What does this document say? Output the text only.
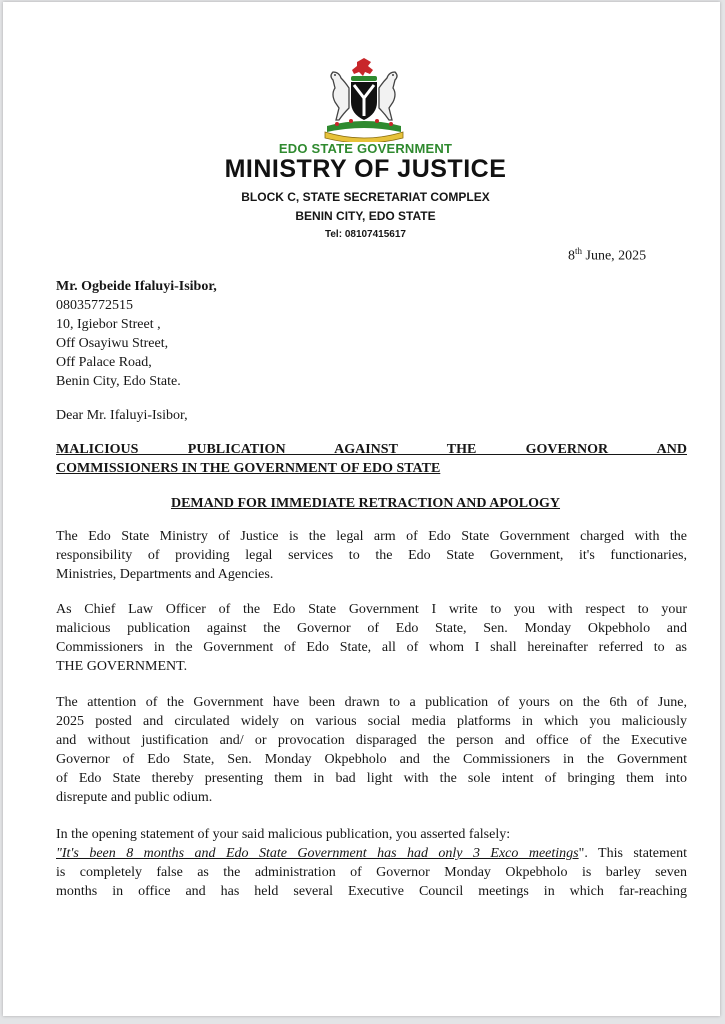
EDO STATE GOVERNMENT
MINISTRY OF JUSTICE
BLOCK C, STATE SECRETARIAT COMPLEX
BENIN CITY, EDO STATE
Tel: 08107415617
8th June, 2025
Mr. Ogbeide Ifaluyi-Isibor,
08035772515
10, Igiebor Street ,
Off Osayiwu Street,
Off Palace Road,
Benin City, Edo State.
Dear Mr. Ifaluyi-Isibor,
MALICIOUS PUBLICATION AGAINST THE GOVERNOR AND
COMMISSIONERS IN THE GOVERNMENT OF EDO STATE
DEMAND FOR IMMEDIATE RETRACTION AND APOLOGY
The Edo State Ministry of Justice is the legal arm of Edo State Government charged with the
responsibility of providing legal services to the Edo State Government, it's functionaries,
Ministries, Departments and Agencies.
As Chief Law Officer of the Edo State Government I write to you with respect to your
malicious publication against the Governor of Edo State, Sen. Monday Okpebholo and
Commissioners in the Government of Edo State, all of whom I shall hereinafter referred to as
THE GOVERNMENT.
The attention of the Government have been drawn to a publication of yours on the 6th of June,
2025 posted and circulated widely on various social media platforms in which you maliciously
and without justification and/ or provocation disparaged the person and office of the Executive
Governor of Edo State, Sen. Monday Okpebholo and the Commissioners in the Government
of Edo State thereby presenting them in bad light with the sole intent of bringing them into
disrepute and public odium.
In the opening statement of your said malicious publication, you asserted falsely:
"It's been 8 months and Edo State Government has had only 3 Exco meetings". This statement
is completely false as the administration of Governor Monday Okpebholo is barley seven
months in office and has held several Executive Council meetings in which far-reaching
